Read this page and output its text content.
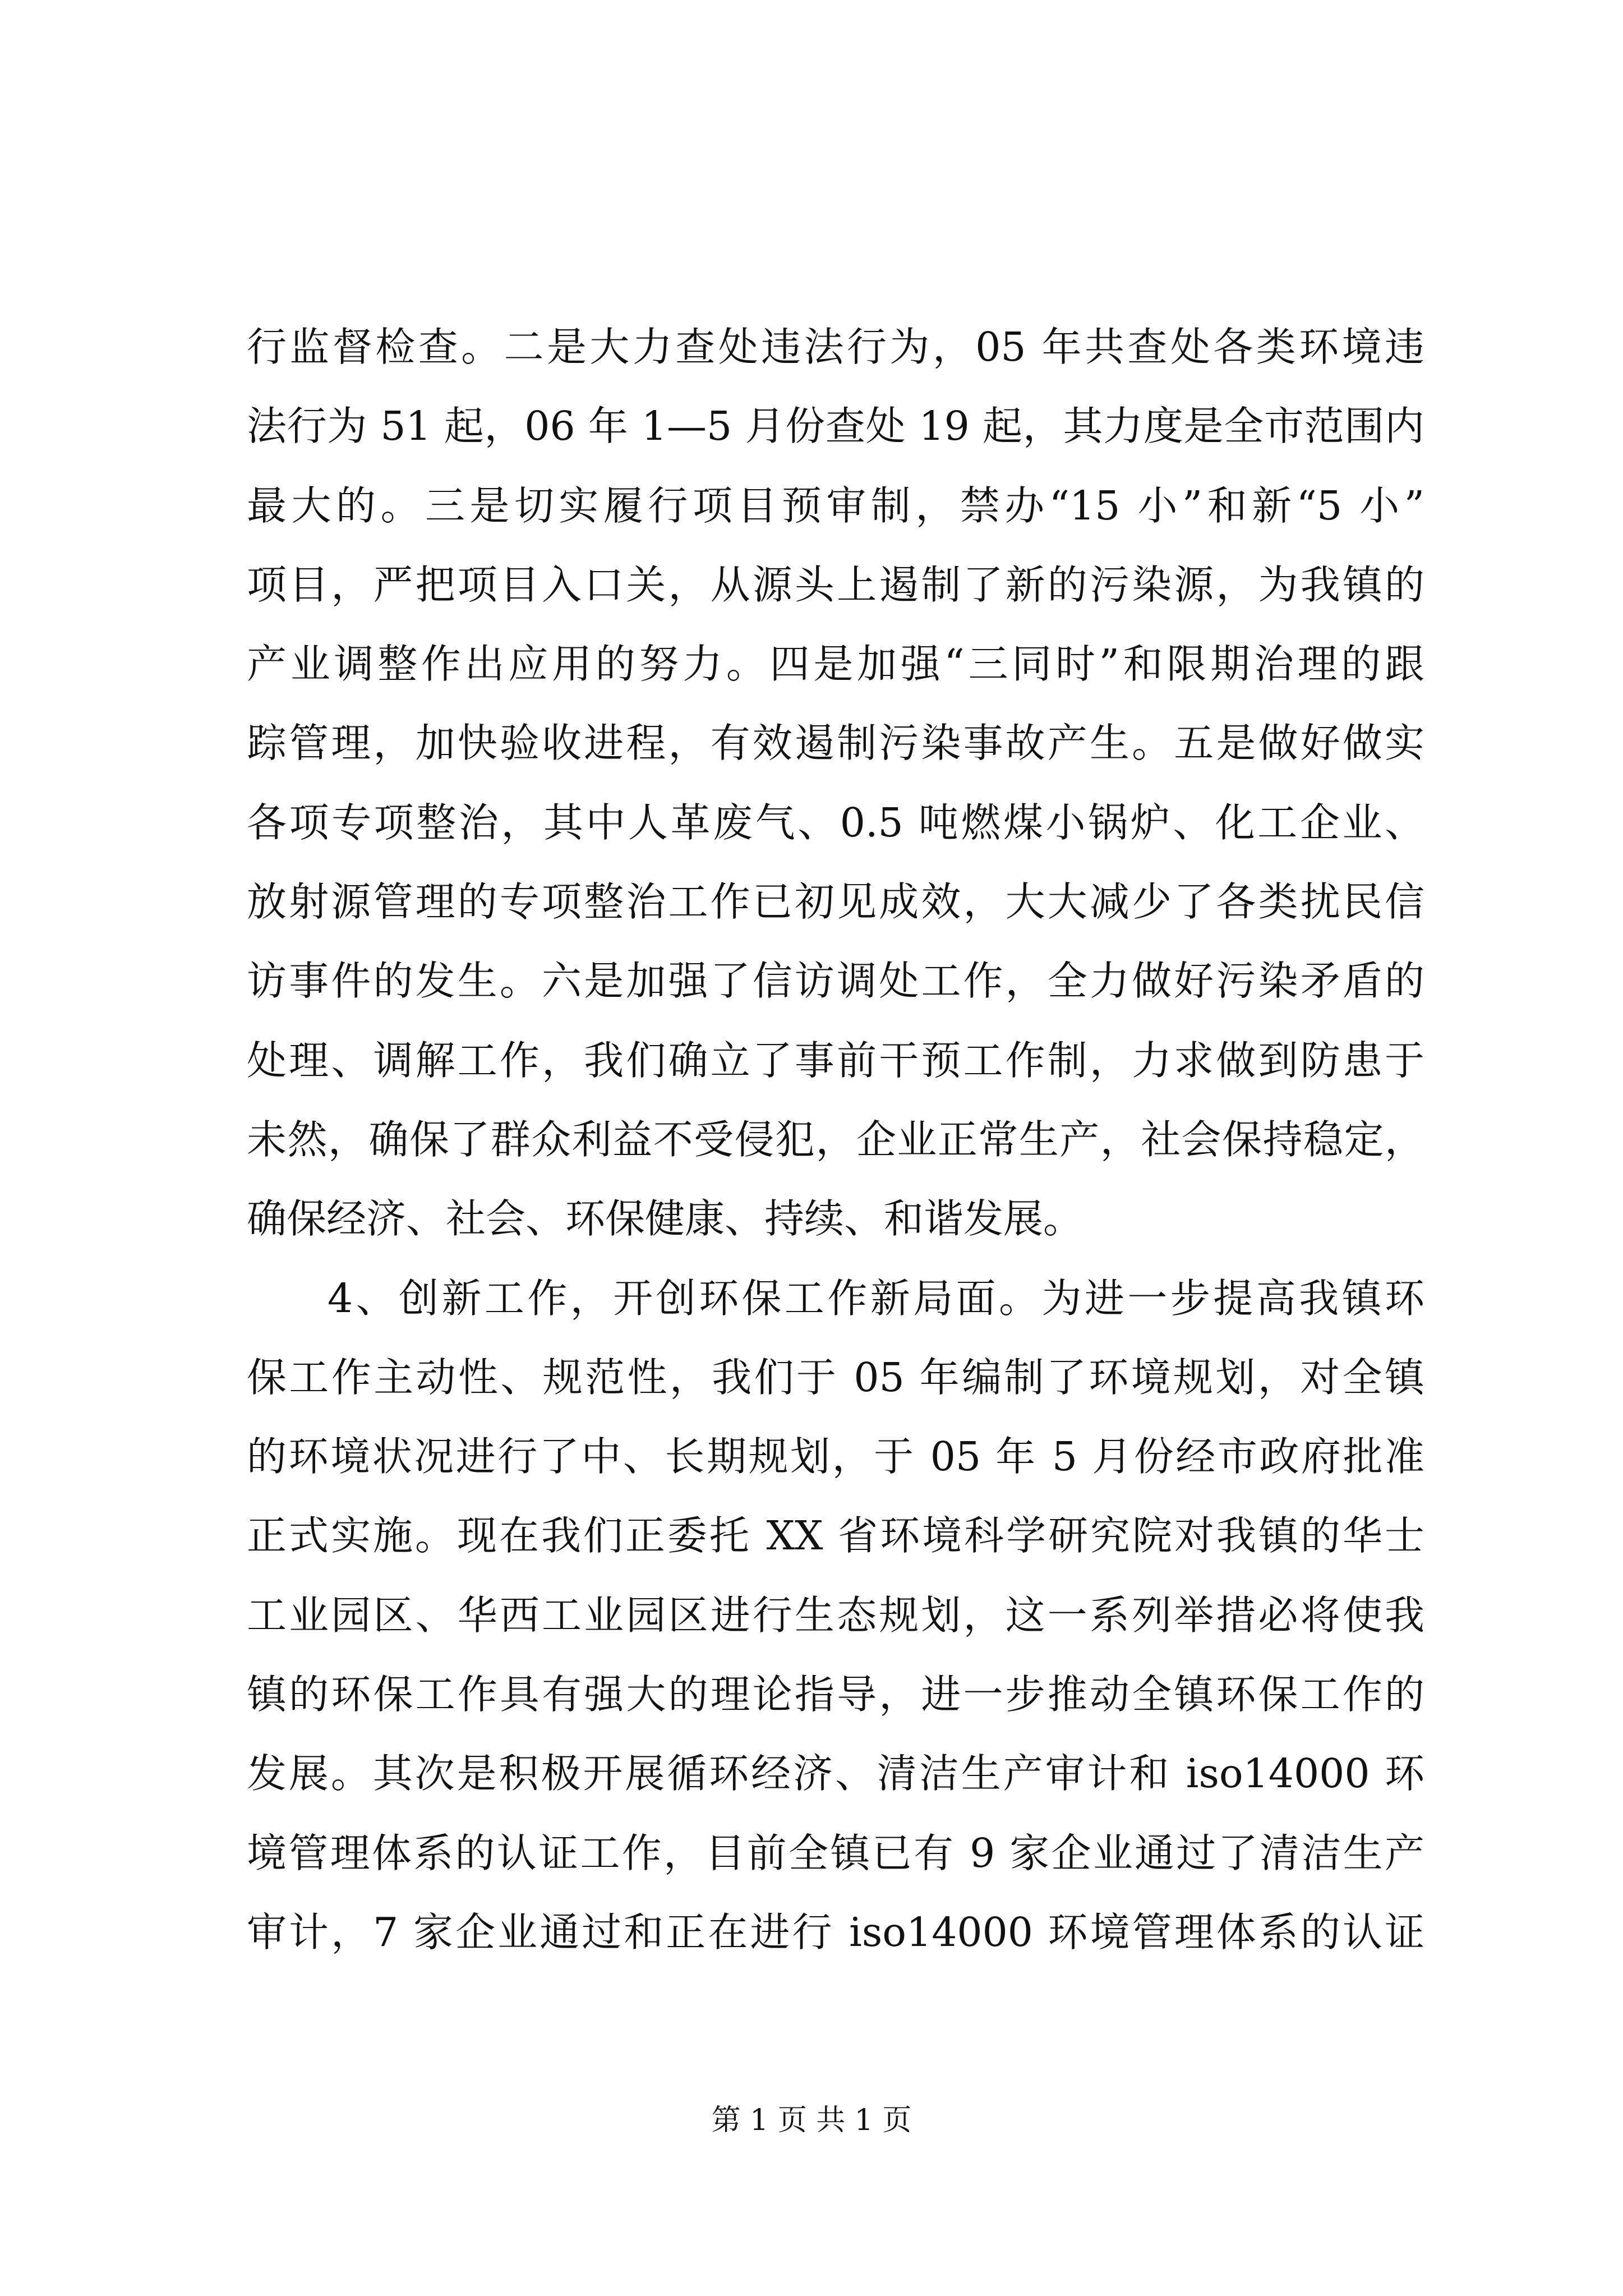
行监督检查。二是大力查处违法行为，05 年共查处各类环境违
法行为 51 起，06 年 1—5 月份查处 19 起，其力度是全市范围内
最大的。三是切实履行项目预审制，禁办“15 小”和新“5 小”
项目，严把项目入口关，从源头上遏制了新的污染源，为我镇的
产业调整作出应用的努力。四是加强“三同时”和限期治理的跟
踪管理，加快验收进程，有效遏制污染事故产生。五是做好做实
各项专项整治，其中人革废气、0.5 吨燃煤小锅炉、化工企业、
放射源管理的专项整治工作已初见成效，大大减少了各类扰民信
访事件的发生。六是加强了信访调处工作，全力做好污染矛盾的
处理、调解工作，我们确立了事前干预工作制，力求做到防患于
未然，确保了群众利益不受侵犯，企业正常生产，社会保持稳定，
确保经济、社会、环保健康、持续、和谐发展。
4、创新工作，开创环保工作新局面。为进一步提高我镇环
保工作主动性、规范性，我们于 05 年编制了环境规划，对全镇
的环境状况进行了中、长期规划，于 05 年 5 月份经市政府批准
正式实施。现在我们正委托 XX 省环境科学研究院对我镇的华士
工业园区、华西工业园区进行生态规划，这一系列举措必将使我
镇的环保工作具有强大的理论指导，进一步推动全镇环保工作的
发展。其次是积极开展循环经济、清洁生产审计和 iso14000 环
境管理体系的认证工作，目前全镇已有 9 家企业通过了清洁生产
审计，7 家企业通过和正在进行 iso14000 环境管理体系的认证
第 1 页 共 1 页
